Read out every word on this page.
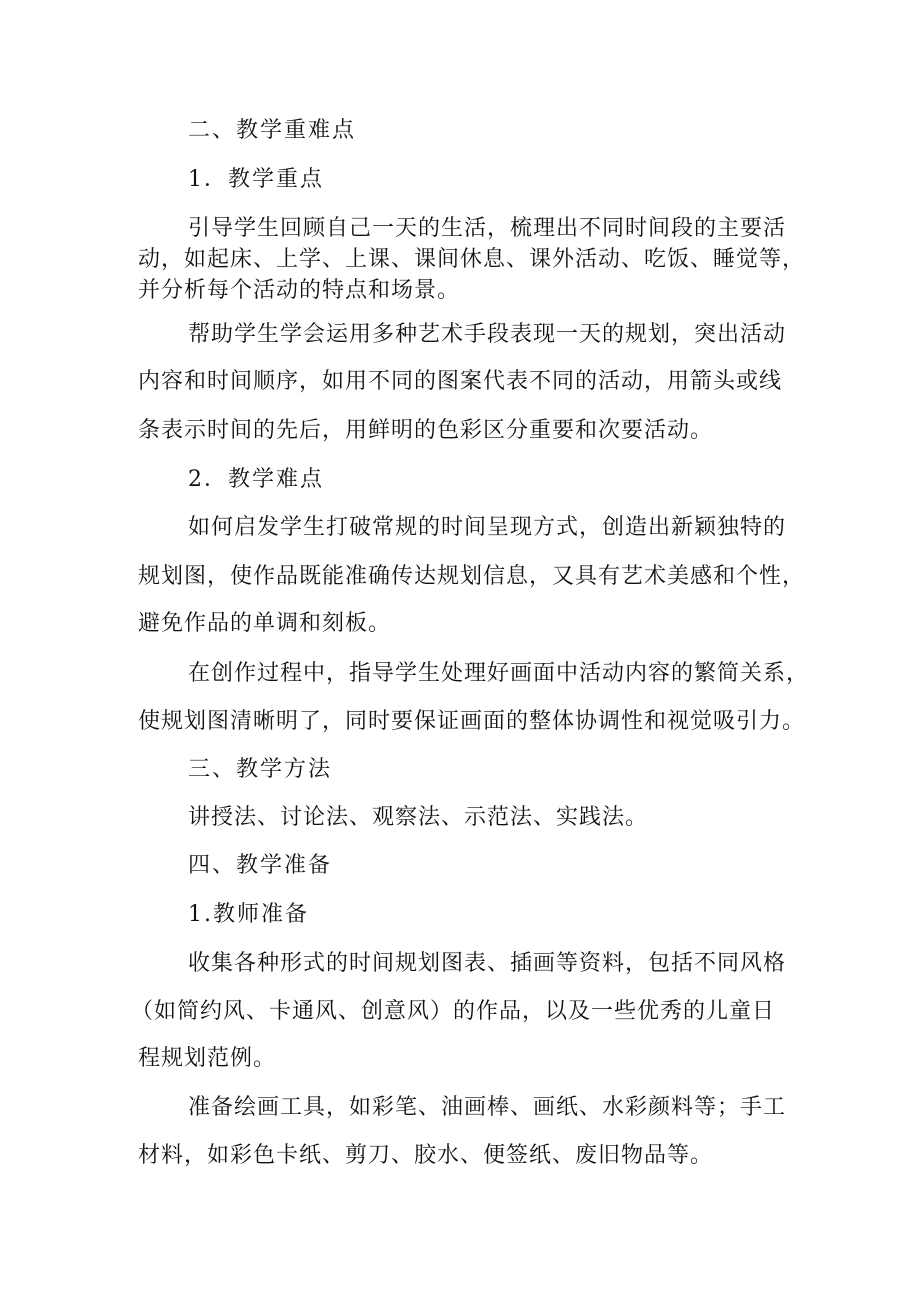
二、教学重难点
1．教学重点
引导学生回顾自己一天的生活，梳理出不同时间段的主要活
动，如起床、上学、上课、课间休息、课外活动、吃饭、睡觉等，
并分析每个活动的特点和场景。
帮助学生学会运用多种艺术手段表现一天的规划，突出活动
内容和时间顺序，如用不同的图案代表不同的活动，用箭头或线
条表示时间的先后，用鲜明的色彩区分重要和次要活动。
2．教学难点
如何启发学生打破常规的时间呈现方式，创造出新颖独特的
规划图，使作品既能准确传达规划信息，又具有艺术美感和个性，
避免作品的单调和刻板。
在创作过程中，指导学生处理好画面中活动内容的繁简关系，
使规划图清晰明了，同时要保证画面的整体协调性和视觉吸引力。
三、教学方法
讲授法、讨论法、观察法、示范法、实践法。
四、教学准备
1.教师准备
收集各种形式的时间规划图表、插画等资料，包括不同风格
（如简约风、卡通风、创意风）的作品，以及一些优秀的儿童日
程规划范例。
准备绘画工具，如彩笔、油画棒、画纸、水彩颜料等；手工
材料，如彩色卡纸、剪刀、胶水、便签纸、废旧物品等。
